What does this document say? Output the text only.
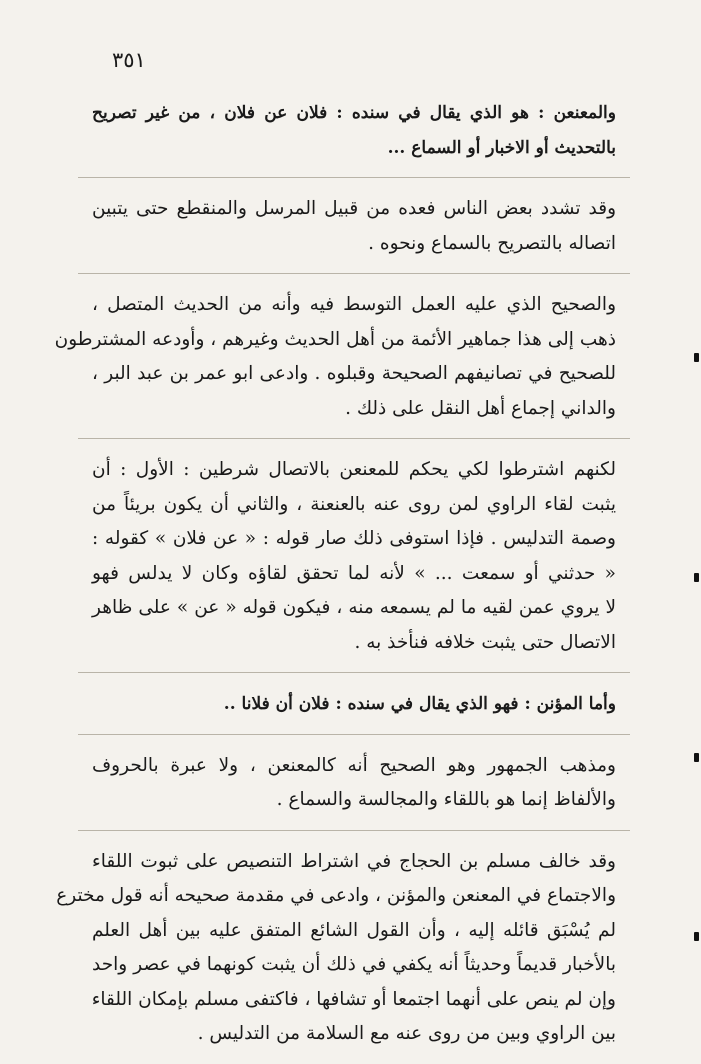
٣٥١
والمعنعن : هو الذي يقال في سنده : فلان عن فلان ، من غير تصريح
بالتحديث أو الاخبار أو السماع ...
وقد تشدد بعض الناس فعده من قبيل المرسل والمنقطع حتى يتبين
اتصاله بالتصريح بالسماع ونحوه .
والصحيح الذي عليه العمل التوسط فيه وأنه من الحديث المتصل ،
ذهب إلى هذا جماهير الأئمة من أهل الحديث وغيرهم ، وأودعه المشترطون
للصحيح في تصانيفهم الصحيحة وقبلوه . وادعى ابو عمر بن عبد البر ،
والداني إجماع أهل النقل على ذلك .
لكنهم اشترطوا لكي يحكم للمعنعن بالاتصال شرطين : الأول : أن
يثبت لقاء الراوي لمن روى عنه بالعنعنة ، والثاني أن يكون بريئاً من
وصمة التدليس . فإذا استوفى ذلك صار قوله : « عن فلان » كقوله :
« حدثني أو سمعت ... » لأنه لما تحقق لقاؤه وكان لا يدلس فهو
لا يروي عمن لقيه ما لم يسمعه منه ، فيكون قوله « عن » على ظاهر
الاتصال حتى يثبت خلافه فنأخذ به .
وأما المؤنن : فهو الذي يقال في سنده : فلان أن فلانا ..
ومذهب الجمهور وهو الصحيح أنه كالمعنعن ، ولا عبرة بالحروف
والألفاظ إنما هو باللقاء والمجالسة والسماع .
وقد خالف مسلم بن الحجاج في اشتراط التنصيص على ثبوت اللقاء
والاجتماع في المعنعن والمؤنن ، وادعى في مقدمة صحيحه أنه قول مخترع
لم يُسْبَق قائله إليه ، وأن القول الشائع المتفق عليه بين أهل العلم
بالأخبار قديماً وحديثاً أنه يكفي في ذلك أن يثبت كونهما في عصر واحد
وإن لم ينص على أنهما اجتمعا أو تشافها ، فاكتفى مسلم بإمكان اللقاء
بين الراوي وبين من روى عنه مع السلامة من التدليس .
